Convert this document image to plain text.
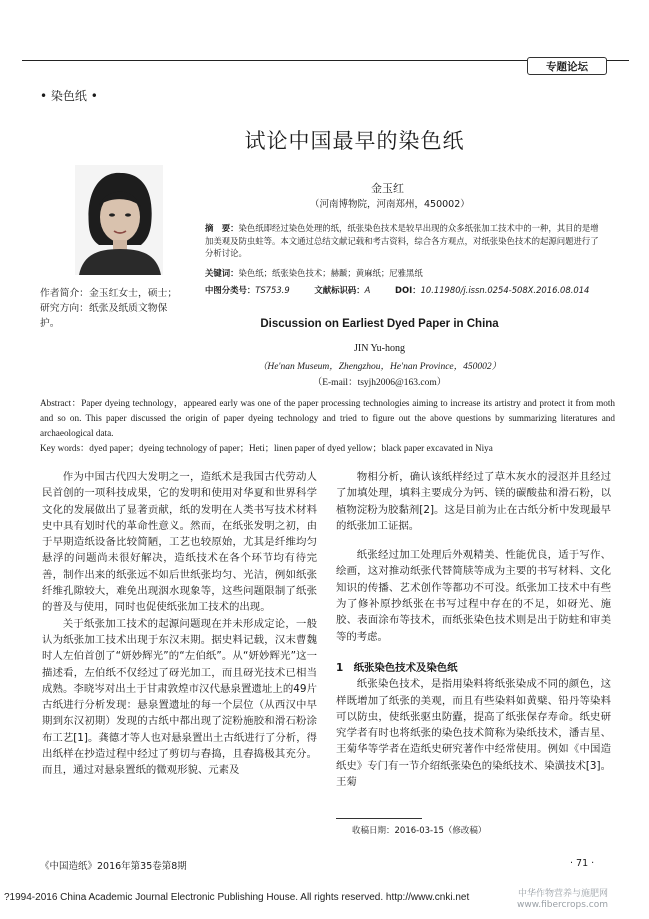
专题论坛
• 染色纸 •
试论中国最早的染色纸
作者简介：金玉红女士，硕士；研究方向：纸张及纸质文物保护。
金玉红
（河南博物院，河南郑州，450002）
摘　要：染色纸即经过染色处理的纸，纸张染色技术是较早出现的众多纸张加工技术中的一种，其目的是增加美观及防虫蛀等。本文通过总结文献记载和考古资料，综合各方观点，对纸张染色技术的起源问题进行了分析讨论。
关键词：染色纸；纸张染色技术；赫蹏；黄麻纸；尼雅黑纸
中图分类号：TS753.9	文献标识码：A	DOI：10.11980/j.issn.0254-508X.2016.08.014
Discussion on Earliest Dyed Paper in China
JIN Yu-hong
（He'nan Museum，Zhengzhou，He'nan Province，450002）
（E-mail：tsyjh2006@163.com）
Abstract：Paper dyeing technology，appeared early was one of the paper processing technologies aiming to increase its artistry and protect it from moth and so on. This paper discussed the origin of paper dyeing technology and tried to figure out the above questions by summarizing literatures and archaeological data.
Key words：dyed paper；dyeing technology of paper；Heti；linen paper of dyed yellow；black paper excavated in Niya

作为中国古代四大发明之一，造纸术是我国古代劳动人民首创的一项科技成果，它的发明和使用对华夏和世界科学文化的发展做出了显著贡献，纸的发明在人类书写技术材料史中具有划时代的革命性意义。然而，在纸张发明之初，由于早期造纸设备比较简陋，工艺也较原始，尤其是纤维均匀悬浮的问题尚未很好解决，造纸技术在各个环节均有待完善，制作出来的纸张远不如后世纸张均匀、光洁，例如纸张纤维孔隙较大，难免出现洇水现象等，这些问题限制了纸张的普及与使用，同时也促使纸张加工技术的出现。

关于纸张加工技术的起源问题现在并未形成定论，一般认为纸张加工技术出现于东汉末期。据史料记载，汉末曹魏时人左伯首创了“妍妙辉光”的“左伯纸”。从“妍妙辉光”这一描述看，左伯纸不仅经过了砑光加工，而且砑光技术已相当成熟。李晓岑对出土于甘肃敦煌市汉代悬泉置遗址上的49片古纸进行分析发现：悬泉置遗址的每一个层位（从西汉中早期到东汉初期）发现的古纸中都出现了淀粉施胶和滑石粉涂布工艺[1]。龚德才等人也对悬泉置出土古纸进行了分析，得出纸样在抄造过程中经过了剪切与舂捣，且舂捣极其充分。而且，通过对悬泉置纸的微观形貌、元素及

物相分析，确认该纸样经过了草木灰水的浸沤并且经过了加填处理，填料主要成分为钙、镁的碳酸盐和滑石粉，以植物淀粉为胶黏剂[2]。这是目前为止在古纸分析中发现最早的纸张加工证据。

纸张经过加工处理后外观精美、性能优良，适于写作、绘画，这对推动纸张代替简牍等成为主要的书写材料、文化知识的传播、艺术创作等都功不可没。纸张加工技术中有些为了修补原抄纸张在书写过程中存在的不足，如砑光、施胶、表面涂布等技术，而纸张染色技术则是出于防蛀和审美等的考虑。

1　纸张染色技术及染色纸

纸张染色技术，是指用染料将纸张染成不同的颜色，这样既增加了纸张的美观，而且有些染料如黄檗、铅丹等染料可以防虫，使纸张驱虫防蠹，提高了纸张保存寿命。纸史研究学者有时也将纸张的染色技术简称为染纸技术，潘吉星、王菊华等学者在造纸史研究著作中经常使用。例如《中国造纸史》专门有一节介绍纸张染色的染纸技术、染潢技术[3]。王菊

收稿日期：2016-03-15（修改稿）
《中国造纸》2016年第35卷第8期	· 71 ·
?1994-2016 China Academic Journal Electronic Publishing House. All rights reserved. http://www.cnki.net	中华作物营养与施肥网
www.fibercrops.com
